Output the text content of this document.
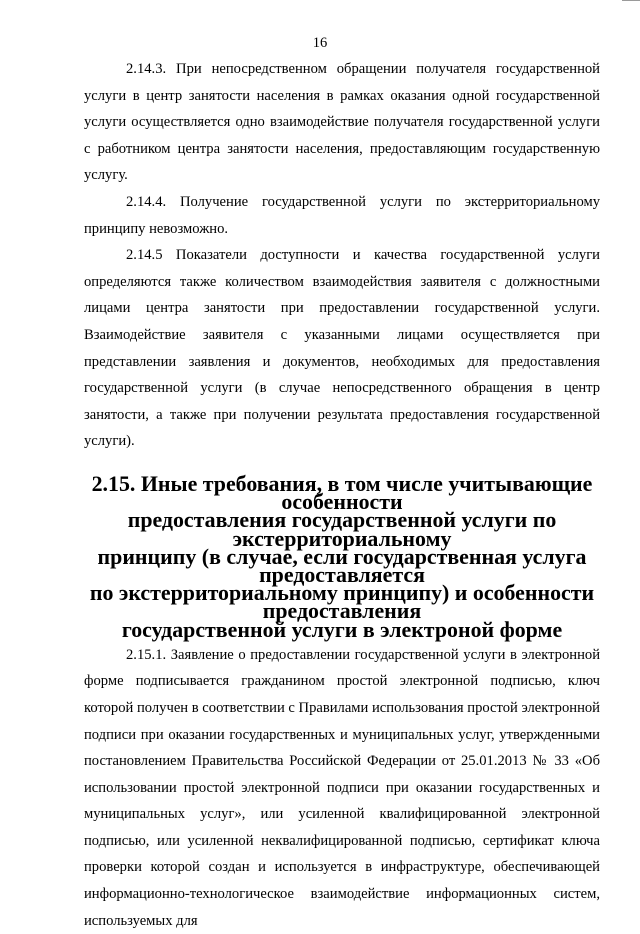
16

2.14.3. При непосредственном обращении получателя государственной услуги в центр занятости населения в рамках оказания одной государственной услуги осуществляется одно взаимодействие получателя государственной услуги с работником центра занятости населения, предоставляющим государственную услугу.

2.14.4. Получение государственной услуги по экстерриториальному принципу невозможно.

2.14.5 Показатели доступности и качества государственной услуги определяются также количеством взаимодействия заявителя с должностными лицами центра занятости при предоставлении государственной услуги. Взаимодействие заявителя с указанными лицами осуществляется при представлении заявления и документов, необходимых для предоставления государственной услуги (в случае непосредственного обращения в центр занятости, а также при получении результата предоставления государственной услуги).

2.15. Иные требования, в том числе учитывающие особенности
предоставления государственной услуги по экстерриториальному
принципу (в случае, если государственная услуга предоставляется
по экстерриториальному принципу) и особенности предоставления
государственной услуги в электроной форме

2.15.1. Заявление о предоставлении государственной услуги в электронной форме подписывается гражданином простой электронной подписью, ключ которой получен в соответствии с Правилами использования простой электронной подписи при оказании государственных и муниципальных услуг, утвержденными постановлением Правительства Российской Федерации от 25.01.2013 № 33 «Об использовании простой электронной подписи при оказании государственных и муниципальных услуг», или усиленной квалифицированной электронной подписью, или усиленной неквалифицированной подписью, сертификат ключа проверки которой создан и используется в инфраструктуре, обеспечивающей информационно-технологическое взаимодействие информационных систем, используемых для
